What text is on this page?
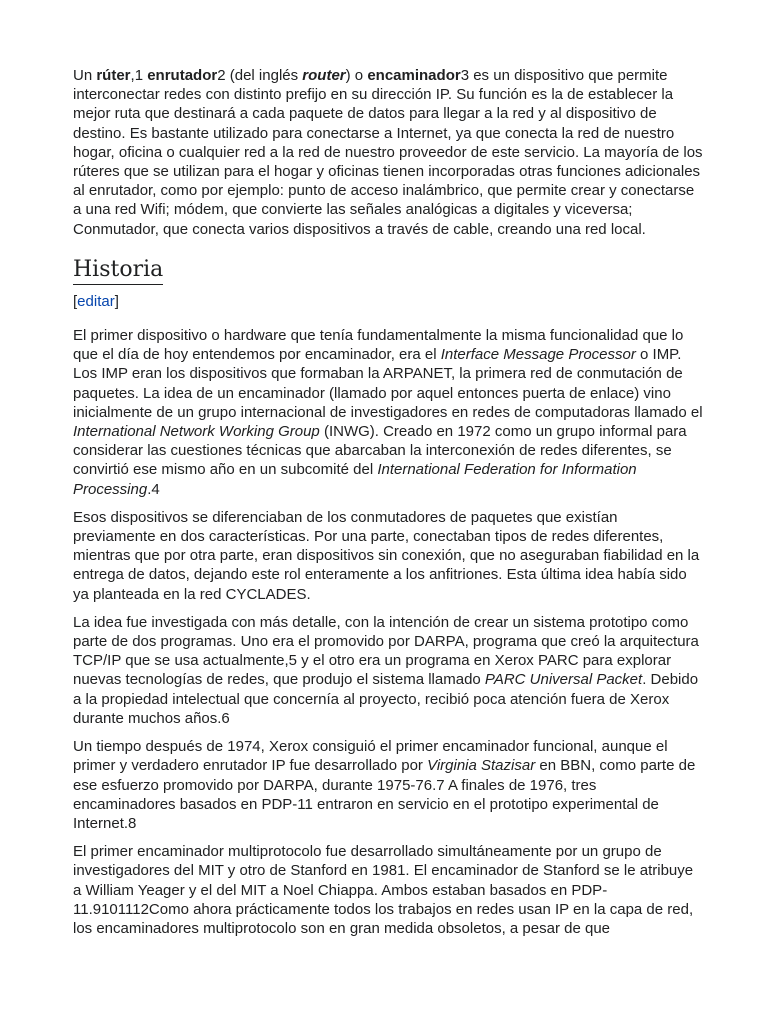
Un rúter,1 enrutador2 (del inglés router) o encaminador3 es un dispositivo que permite interconectar redes con distinto prefijo en su dirección IP. Su función es la de establecer la mejor ruta que destinará a cada paquete de datos para llegar a la red y al dispositivo de destino. Es bastante utilizado para conectarse a Internet, ya que conecta la red de nuestro hogar, oficina o cualquier red a la red de nuestro proveedor de este servicio. La mayoría de los rúteres que se utilizan para el hogar y oficinas tienen incorporadas otras funciones adicionales al enrutador, como por ejemplo: punto de acceso inalámbrico, que permite crear y conectarse a una red Wifi; módem, que convierte las señales analógicas a digitales y viceversa; Conmutador, que conecta varios dispositivos a través de cable, creando una red local.

Historia
[editar]

El primer dispositivo o hardware que tenía fundamentalmente la misma funcionalidad que lo que el día de hoy entendemos por encaminador, era el Interface Message Processor o IMP. Los IMP eran los dispositivos que formaban la ARPANET, la primera red de conmutación de paquetes. La idea de un encaminador (llamado por aquel entonces puerta de enlace) vino inicialmente de un grupo internacional de investigadores en redes de computadoras llamado el International Network Working Group (INWG). Creado en 1972 como un grupo informal para considerar las cuestiones técnicas que abarcaban la interconexión de redes diferentes, se convirtió ese mismo año en un subcomité del International Federation for Information Processing.4

Esos dispositivos se diferenciaban de los conmutadores de paquetes que existían previamente en dos características. Por una parte, conectaban tipos de redes diferentes, mientras que por otra parte, eran dispositivos sin conexión, que no aseguraban fiabilidad en la entrega de datos, dejando este rol enteramente a los anfitriones. Esta última idea había sido ya planteada en la red CYCLADES.

La idea fue investigada con más detalle, con la intención de crear un sistema prototipo como parte de dos programas. Uno era el promovido por DARPA, programa que creó la arquitectura TCP/IP que se usa actualmente,5 y el otro era un programa en Xerox PARC para explorar nuevas tecnologías de redes, que produjo el sistema llamado PARC Universal Packet. Debido a la propiedad intelectual que concernía al proyecto, recibió poca atención fuera de Xerox durante muchos años.6

Un tiempo después de 1974, Xerox consiguió el primer encaminador funcional, aunque el primer y verdadero enrutador IP fue desarrollado por Virginia Stazisar en BBN, como parte de ese esfuerzo promovido por DARPA, durante 1975-76.7 A finales de 1976, tres encaminadores basados en PDP-11 entraron en servicio en el prototipo experimental de Internet.8

El primer encaminador multiprotocolo fue desarrollado simultáneamente por un grupo de investigadores del MIT y otro de Stanford en 1981. El encaminador de Stanford se le atribuye a William Yeager y el del MIT a Noel Chiappa. Ambos estaban basados en PDP-11.9101112Como ahora prácticamente todos los trabajos en redes usan IP en la capa de red, los encaminadores multiprotocolo son en gran medida obsoletos, a pesar de que
